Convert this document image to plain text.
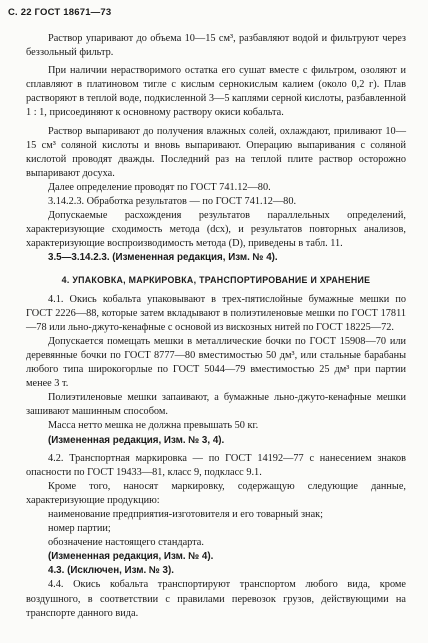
С. 22 ГОСТ 18671—73

Раствор упаривают до объема 10—15 см³, разбавляют водой и фильтруют через беззольный фильтр.

При наличии нерастворимого остатка его сушат вместе с фильтром, озоляют и сплавляют в платиновом тигле с кислым сернокислым калием (около 0,2 г). Плав растворяют в теплой воде, подкисленной 3—5 каплями серной кислоты, разбавленной 1 : 1, присоединяют к основному раствору окиси кобальта.

Раствор выпаривают до получения влажных солей, охлаждают, приливают 10—15 см³ соляной кислоты и вновь выпаривают. Операцию выпаривания с соляной кислотой проводят дважды. Последний раз на теплой плите раствор осторожно выпаривают досуха.

Далее определение проводят по ГОСТ 741.12—80.

3.14.2.3. Обработка результатов — по ГОСТ 741.12—80.

Допускаемые расхождения результатов параллельных определений, характеризующие сходимость метода (dсх), и результатов повторных анализов, характеризующие воспроизводимость метода (D), приведены в табл. 11.

3.5—3.14.2.3. (Измененная редакция, Изм. № 4).

4. УПАКОВКА, МАРКИРОВКА, ТРАНСПОРТИРОВАНИЕ И ХРАНЕНИЕ

4.1. Окись кобальта упаковывают в трех-пятислойные бумажные мешки по ГОСТ 2226—88, которые затем вкладывают в полиэтиленовые мешки по ГОСТ 17811—78 или льно-джуто-кенафные с основой из вискозных нитей по ГОСТ 18225—72.

Допускается помещать мешки в металлические бочки по ГОСТ 15908—70 или деревянные бочки по ГОСТ 8777—80 вместимостью 50 дм³, или стальные барабаны любого типа широкогорлые по ГОСТ 5044—79 вместимостью 25 дм³ при партии менее 3 т.

Полиэтиленовые мешки запаивают, а бумажные льно-джуто-кенафные мешки зашивают машинным способом.

Масса нетто мешка не должна превышать 50 кг.

(Измененная редакция, Изм. № 3, 4).

4.2. Транспортная маркировка — по ГОСТ 14192—77 с нанесением знаков опасности по ГОСТ 19433—81, класс 9, подкласс 9.1.

Кроме того, наносят маркировку, содержащую следующие данные, характеризующие продукцию:

наименование предприятия-изготовителя и его товарный знак;

номер партии;

обозначение настоящего стандарта.

(Измененная редакция, Изм. № 4).

4.3. (Исключен, Изм. № 3).

4.4. Окись кобальта транспортируют транспортом любого вида, кроме воздушного, в соответствии с правилами перевозок грузов, действующими на транспорте данного вида.
